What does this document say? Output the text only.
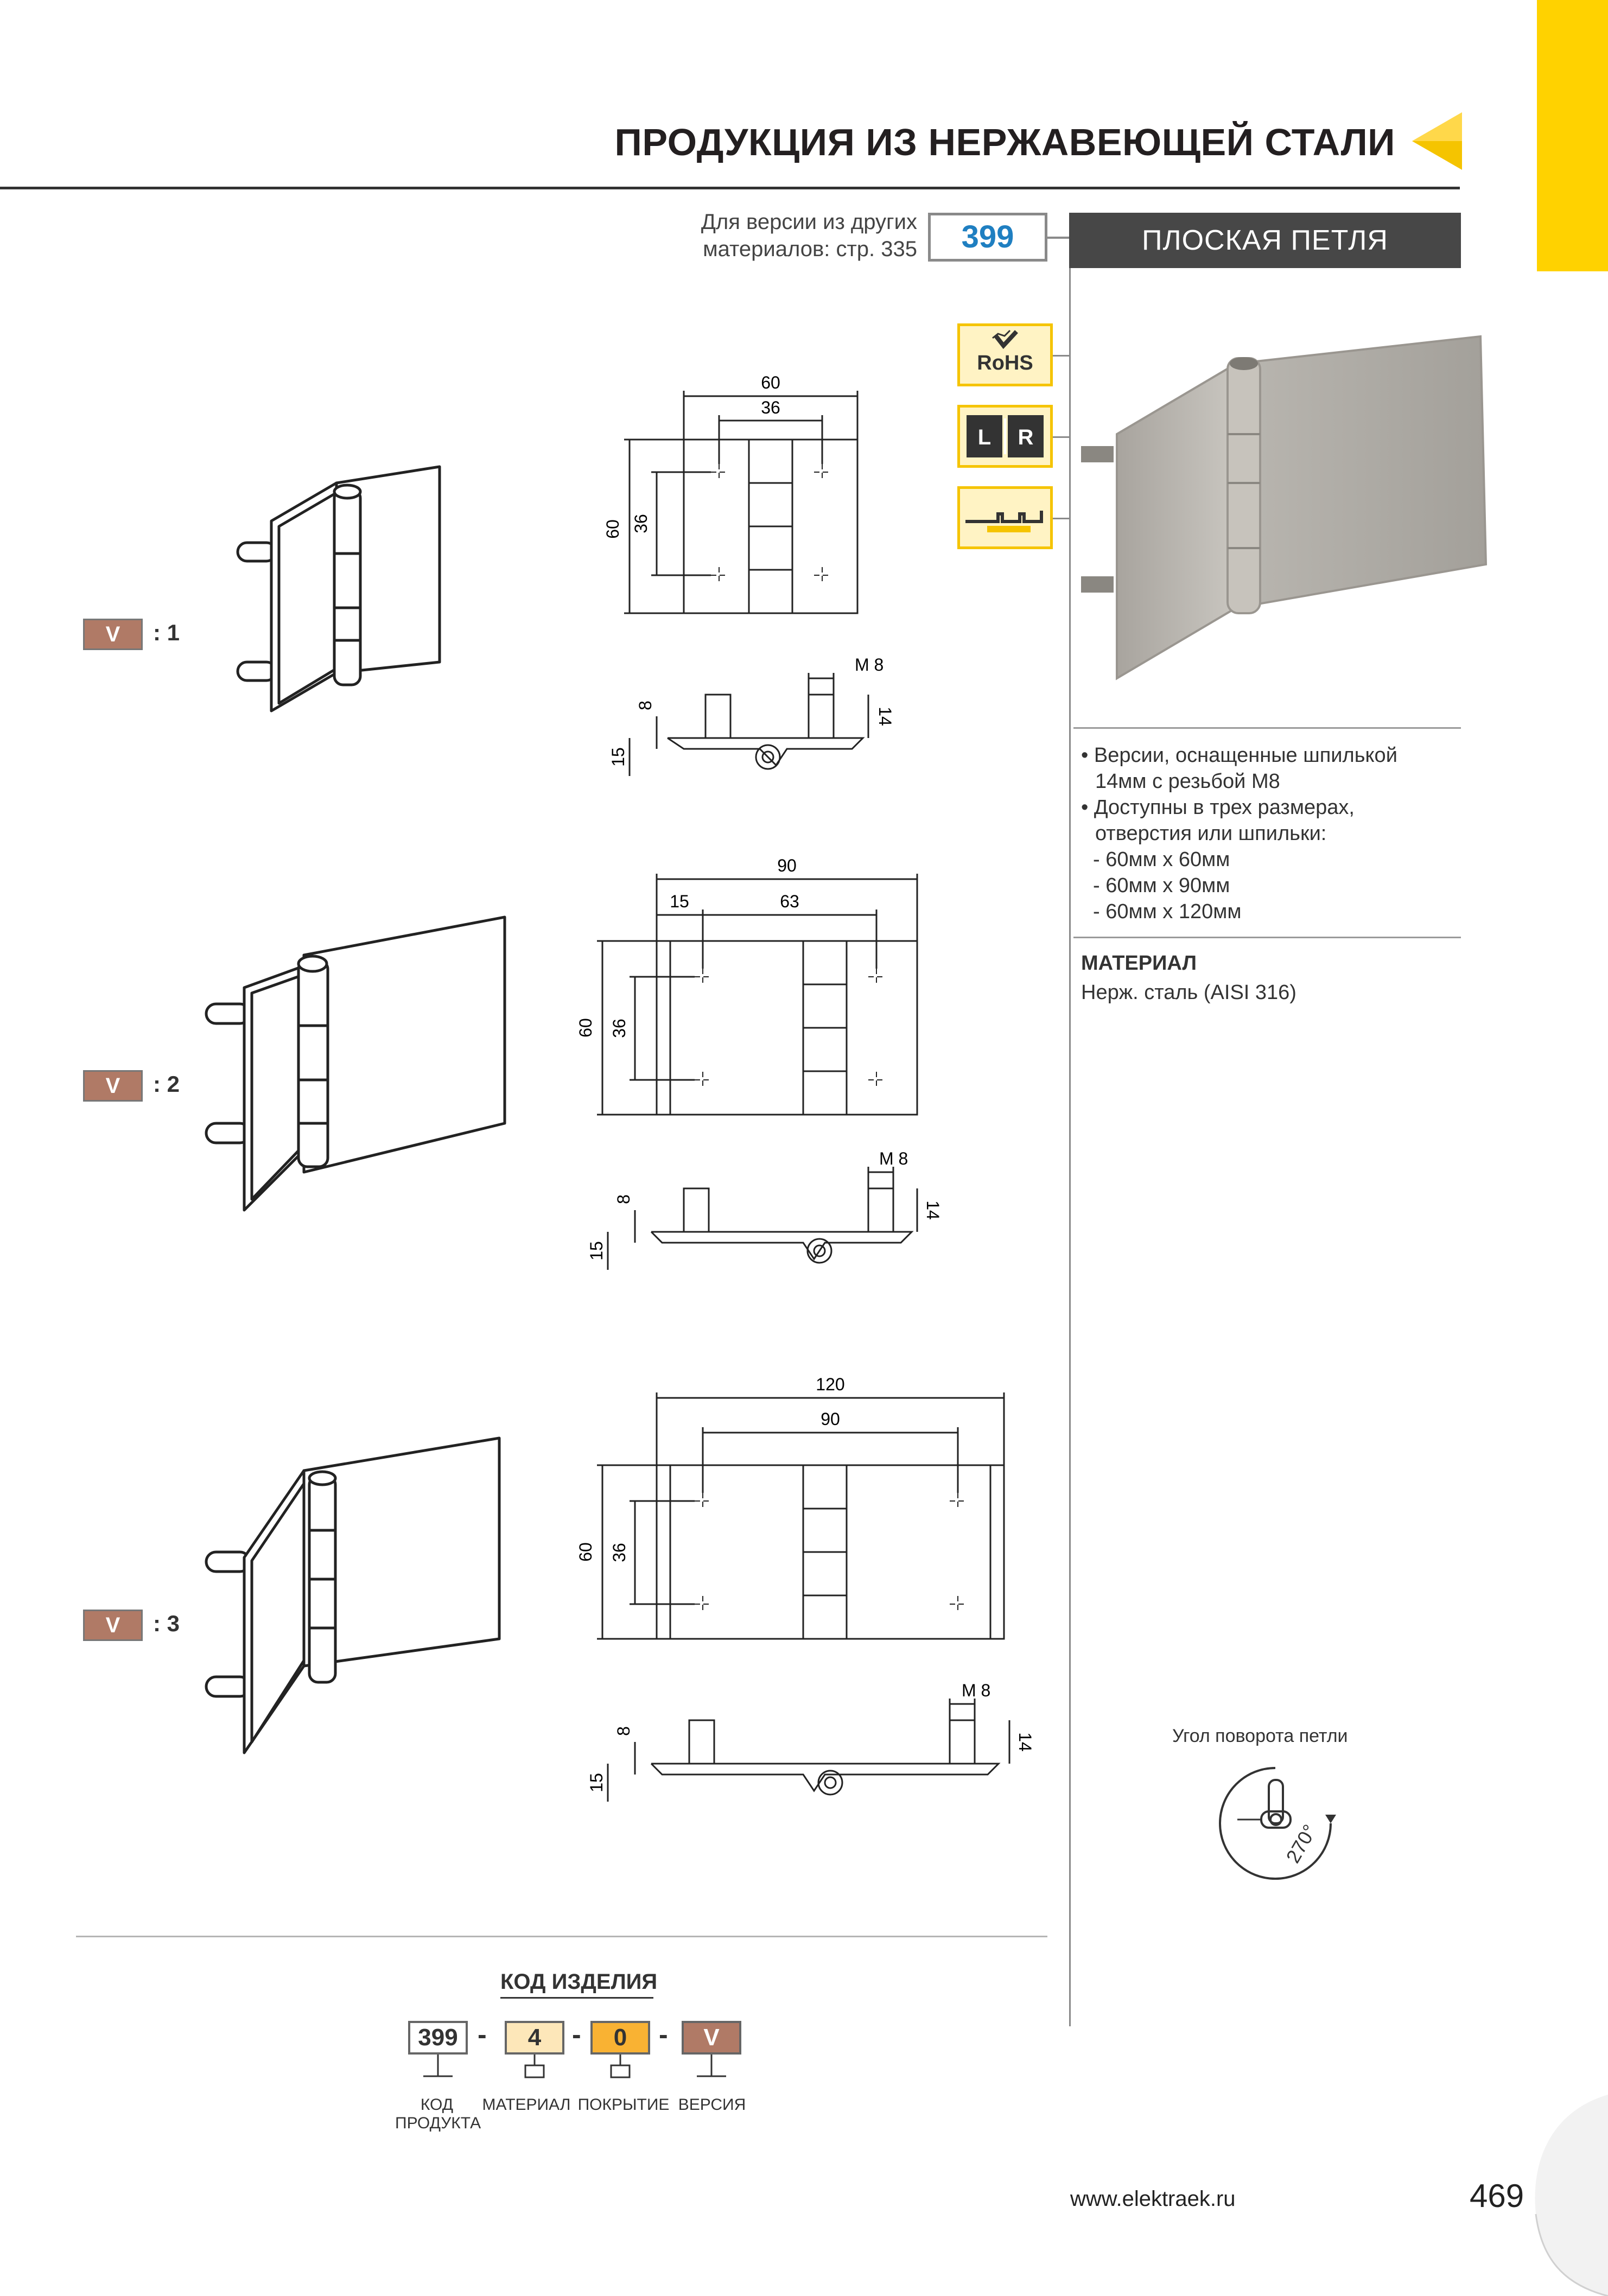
ПРОДУКЦИЯ ИЗ НЕРЖАВЕЮЩЕЙ СТАЛИ
Для версии из других
материалов: стр. 335	399	ПЛОСКАЯ ПЕТЛЯ
RoHS
L R

• Версии, оснащенные шпилькой
14мм с резьбой M8

• Доступны в трех размерах,
отверстия или шпильки:

- 60мм x 60мм
- 60мм x 90мм
- 60мм x 120мм
МАТЕРИАЛ
Нерж. сталь (AISI 316)
Угол поворота петли
270°
V	: 1
60
36
60 36
M 8
8
15
14
V	: 2
90
15	63
60 36
M 8
8
15
14
V	: 3
120
90
60 36
M 8
8
15
14
КОД ИЗДЕЛИЯ
399 -	4	-	0	-	V
КОД
ПРОДУКТА
МАТЕРИАЛ ПОКРЫТИЕ ВЕРСИЯ
www.elektraek.ru	469
